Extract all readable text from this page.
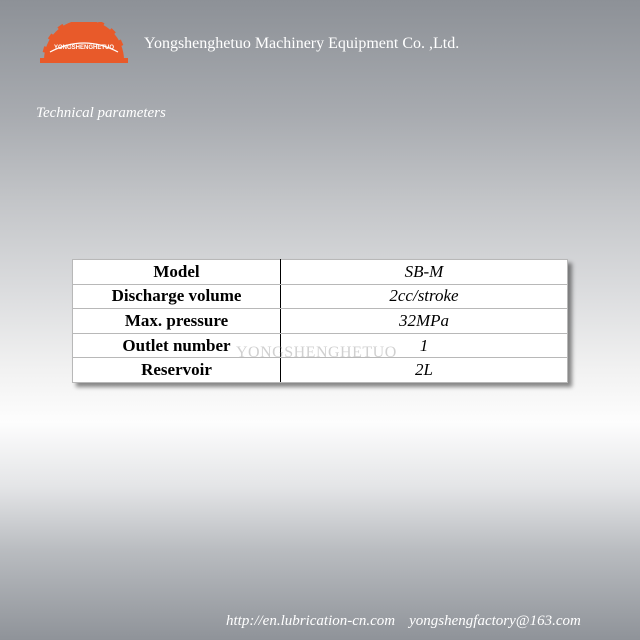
YONGSHENGHETUO Yongshenghetuo Machinery Equipment Co. ,Ltd.
Technical parameters
Model	SB-M
Discharge volume	2cc/stroke
Max. pressure	32MPa
Outlet number	1
Reservoir	2L
YONGSHENGHETUO
http://en.lubrication-cn.com yongshengfactory@163.com
